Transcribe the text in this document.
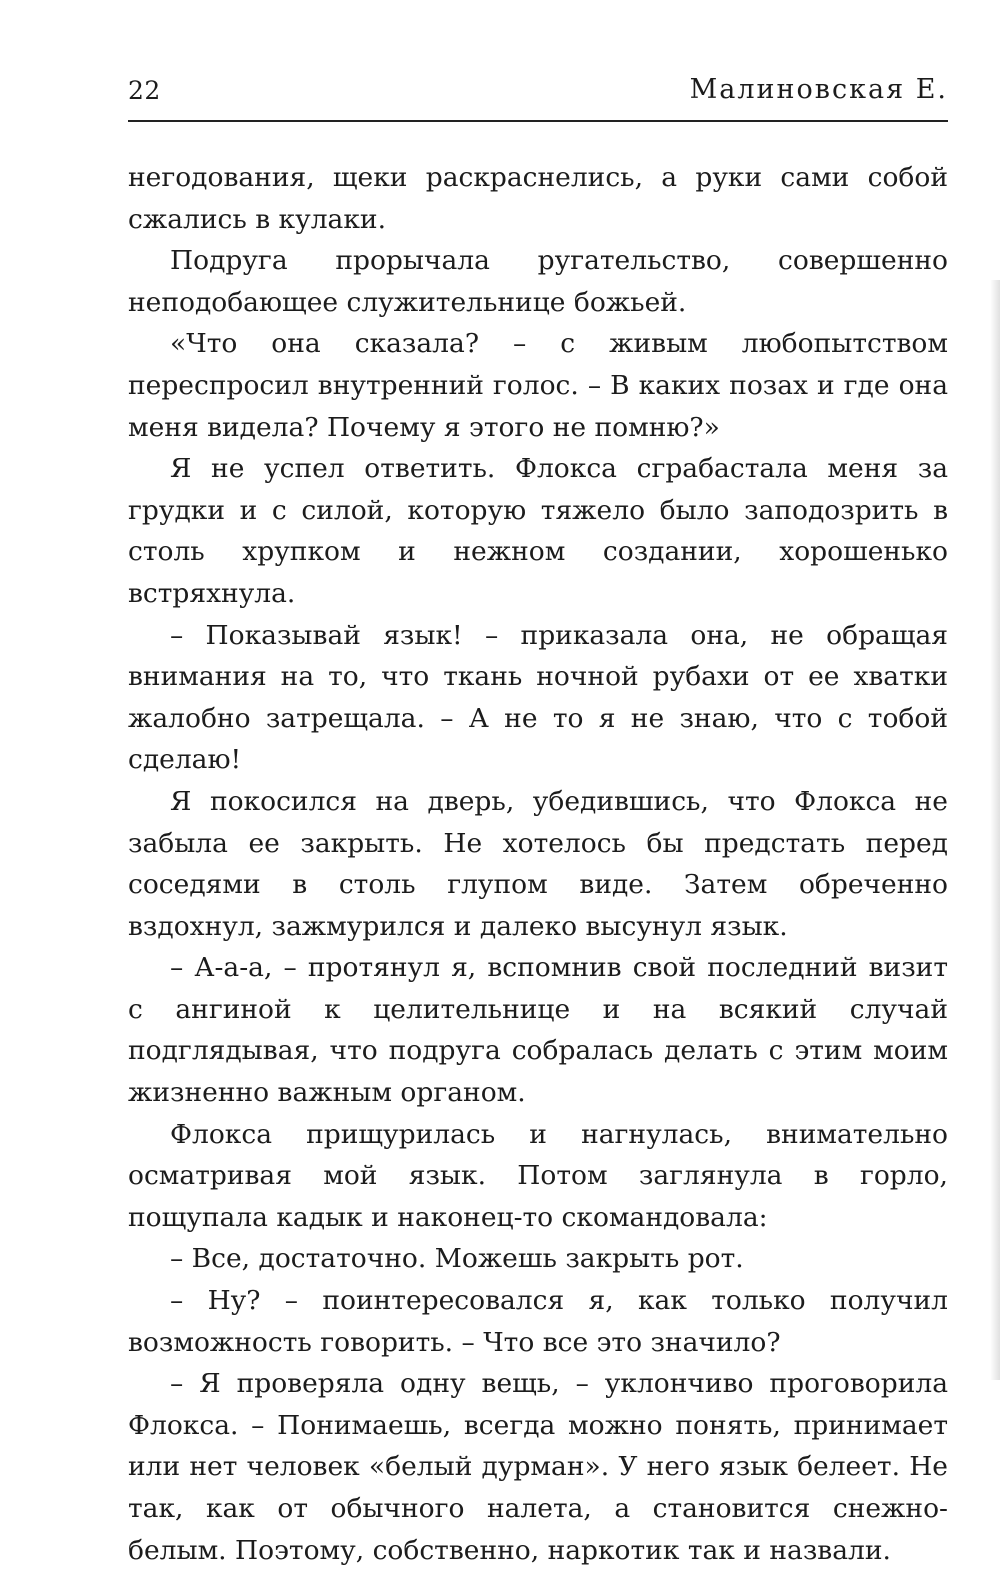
22	Малиновская Е.

негодования, щеки раскраснелись, а руки сами собой сжались в кулаки.

Подруга прорычала ругательство, совершенно неподобающее служительнице божьей.

«Что она сказала? – с живым любопытством переспросил внутренний голос. – В каких позах и где она меня видела? Почему я этого не помню?»

Я не успел ответить. Флокса сграбастала меня за грудки и с силой, которую тяжело было заподозрить в столь хрупком и нежном создании, хорошенько встряхнула.

– Показывай язык! – приказала она, не обращая внимания на то, что ткань ночной рубахи от ее хватки жалобно затрещала. – А не то я не знаю, что с тобой сделаю!

Я покосился на дверь, убедившись, что Флокса не забыла ее закрыть. Не хотелось бы предстать перед соседями в столь глупом виде. Затем обреченно вздохнул, зажмурился и далеко высунул язык.

– А-а-а, – протянул я, вспомнив свой последний визит с ангиной к целительнице и на всякий случай подглядывая, что подруга собралась делать с этим моим жизненно важным органом.

Флокса прищурилась и нагнулась, внимательно осматривая мой язык. Потом заглянула в горло, пощупала кадык и наконец-то скомандовала:

– Все, достаточно. Можешь закрыть рот.

– Ну? – поинтересовался я, как только получил возможность говорить. – Что все это значило?

– Я проверяла одну вещь, – уклончиво проговорила Флокса. – Понимаешь, всегда можно понять, принимает или нет человек «белый дурман». У него язык белеет. Не так, как от обычного налета, а становится снежно-белым. Поэтому, собственно, наркотик так и назвали.
